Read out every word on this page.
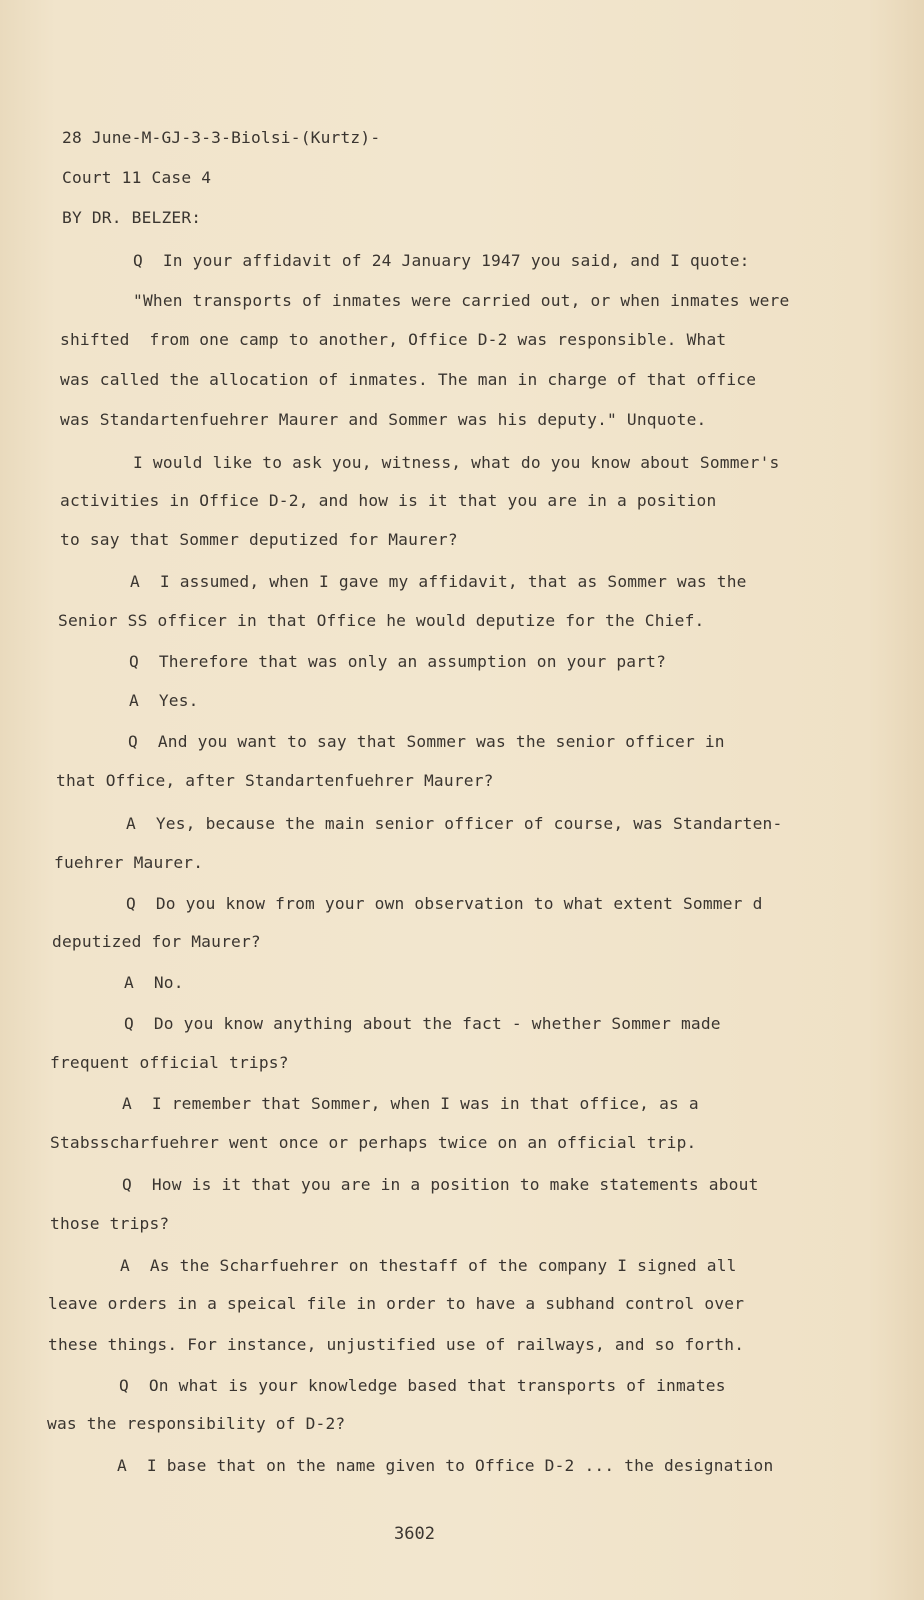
28 June-M-GJ-3-3-Biolsi-(Kurtz)-
Court 11 Case 4
BY DR. BELZER:
Q  In your affidavit of 24 January 1947 you said, and I quote:
"When transports of inmates were carried out, or when inmates were
shifted  from one camp to another, Office D-2 was responsible. What
was called the allocation of inmates. The man in charge of that office
was Standartenfuehrer Maurer and Sommer was his deputy." Unquote.
I would like to ask you, witness, what do you know about Sommer's
activities in Office D-2, and how is it that you are in a position
to say that Sommer deputized for Maurer?
A  I assumed, when I gave my affidavit, that as Sommer was the
Senior SS officer in that Office he would deputize for the Chief.
Q  Therefore that was only an assumption on your part?
A  Yes.
Q  And you want to say that Sommer was the senior officer in
that Office, after Standartenfuehrer Maurer?
A  Yes, because the main senior officer of course, was Standarten-
fuehrer Maurer.
Q  Do you know from your own observation to what extent Sommer d
deputized for Maurer?
A  No.
Q  Do you know anything about the fact - whether Sommer made
frequent official trips?
A  I remember that Sommer, when I was in that office, as a
Stabsscharfuehrer went once or perhaps twice on an official trip.
Q  How is it that you are in a position to make statements about
those trips?
A  As the Scharfuehrer on thestaff of the company I signed all
leave orders in a speical file in order to have a subhand control over
these things. For instance, unjustified use of railways, and so forth.
Q  On what is your knowledge based that transports of inmates
was the responsibility of D-2?
A  I base that on the name given to Office D-2 ... the designation
3602
